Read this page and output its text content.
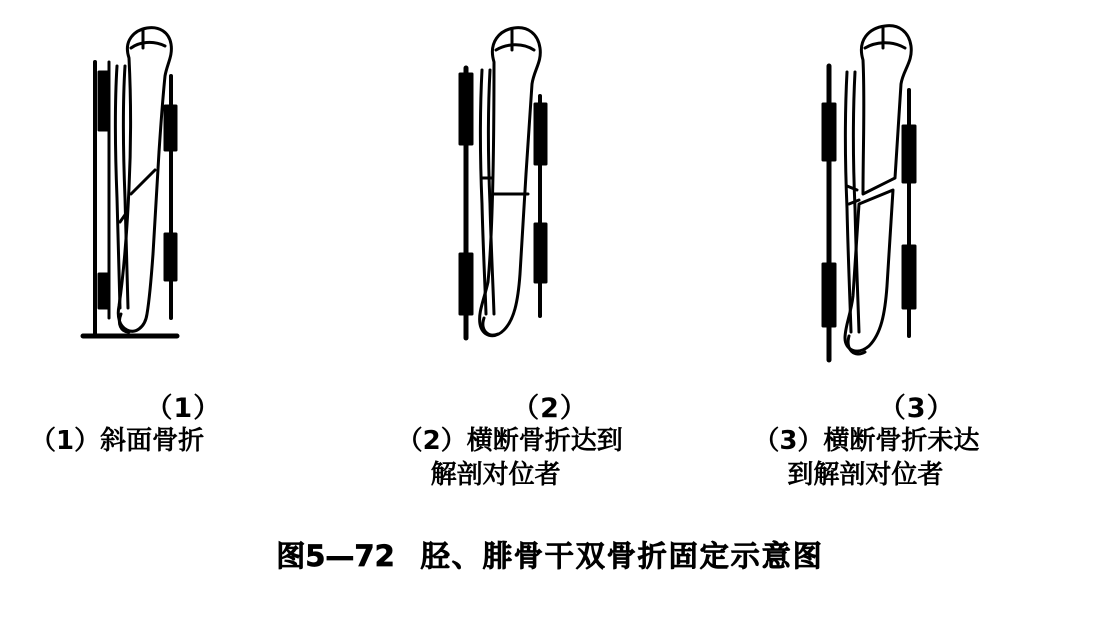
（1）	（2）	（3）
（1）斜面骨折	（2）横断骨折达到
解剖对位者
（3）横断骨折未达
到解剖对位者
图5—72 胫、腓骨干双骨折固定示意图
